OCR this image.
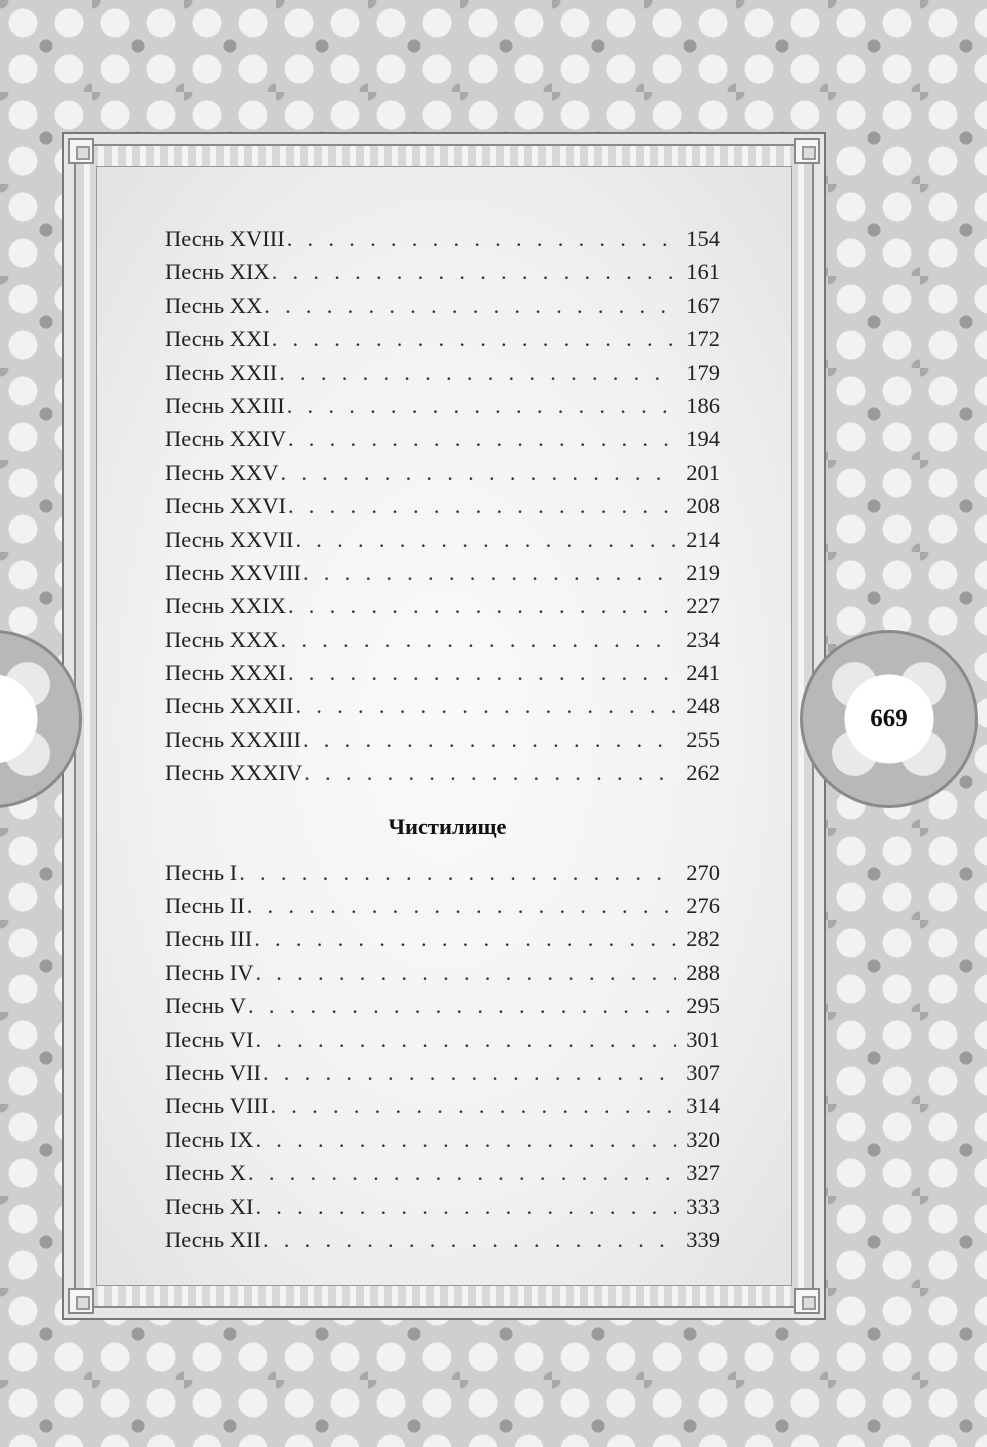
669
Песнь XVIII . . .	154
Песнь XIX . . .	161
Песнь XX . . .	167
Песнь XXI . . .	172
Песнь XXII . . .	179
Песнь XXIII . . .	186
Песнь XXIV . . .	194
Песнь XXV . . .	201
Песнь XXVI . . .	208
Песнь XXVII . . .	214
Песнь XXVIII . . .	219
Песнь XXIX . . .	227
Песнь XXX . . .	234
Песнь XXXI . . .	241
Песнь XXXII . . .	248
Песнь XXXIII . . .	255
Песнь XXXIV . . .	262
Чистилище
Песнь I . . .	270
Песнь II . . .	276
Песнь III . . .	282
Песнь IV . . .	288
Песнь V . . .	295
Песнь VI . . .	301
Песнь VII . . .	307
Песнь VIII . . .	314
Песнь IX . . .	320
Песнь X . . .	327
Песнь XI . . .	333
Песнь XII . . .	339
